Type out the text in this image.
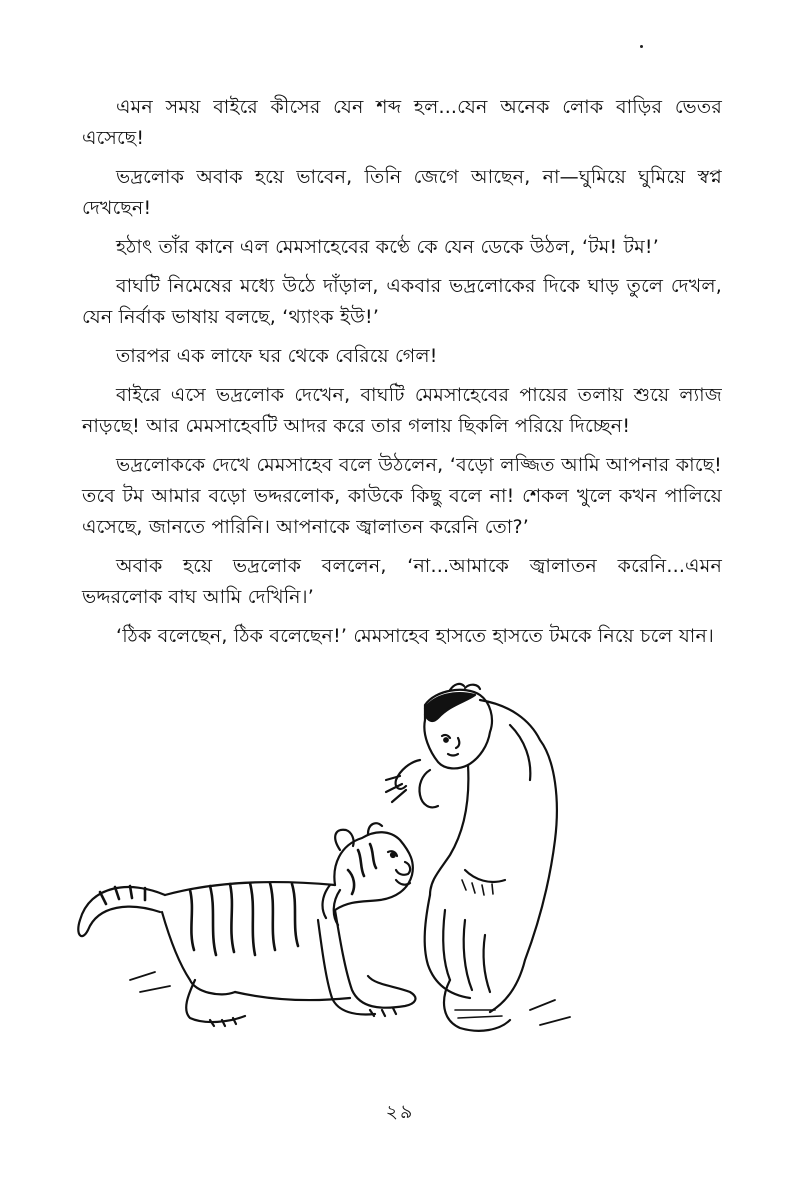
এমন সময় বাইরে কীসের যেন শব্দ হল...যেন অনেক লোক বাড়ির ভেতর এসেছে!

ভদ্রলোক অবাক হয়ে ভাবেন, তিনি জেগে আছেন, না—ঘুমিয়ে ঘুমিয়ে স্বপ্ন দেখছেন!

হঠাৎ তাঁর কানে এল মেমসাহেবের কণ্ঠে কে যেন ডেকে উঠল, ‘টম! টম!’

বাঘটি নিমেষের মধ্যে উঠে দাঁড়াল, একবার ভদ্রলোকের দিকে ঘাড় তুলে দেখল, যেন নির্বাক ভাষায় বলছে, ‘থ্যাংক ইউ!’

তারপর এক লাফে ঘর থেকে বেরিয়ে গেল!

বাইরে এসে ভদ্রলোক দেখেন, বাঘটি মেমসাহেবের পায়ের তলায় শুয়ে ল্যাজ নাড়ছে! আর মেমসাহেবটি আদর করে তার গলায় ছিকলি পরিয়ে দিচ্ছেন!

ভদ্রলোককে দেখে মেমসাহেব বলে উঠলেন, ‘বড়ো লজ্জিত আমি আপনার কাছে! তবে টম আমার বড়ো ভদ্দরলোক, কাউকে কিছু বলে না! শেকল খুলে কখন পালিয়ে এসেছে, জানতে পারিনি। আপনাকে জ্বালাতন করেনি তো?’

অবাক হয়ে ভদ্রলোক বললেন, ‘না...আমাকে জ্বালাতন করেনি...এমন ভদ্দরলোক বাঘ আমি দেখিনি।’

‘ঠিক বলেছেন, ঠিক বলেছেন!’ মেমসাহেব হাসতে হাসতে টমকে নিয়ে চলে যান।

২৯
